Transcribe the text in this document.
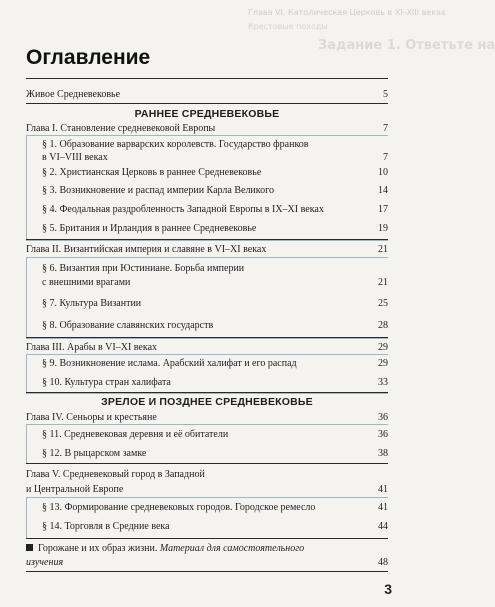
Глава VI. Католическая Церковь в XI–XIII веках
Крестовые походы
Задание 1. Ответьте на
Оглавление
Живое Средневековье	5
РАННЕЕ СРЕДНЕВЕКОВЬЕ
Глава I. Становление средневековой Европы	7
§ 1. Образование варварских королевств. Государство франков
в VI–VIII веках	7
§ 2. Христианская Церковь в раннее Средневековье	10
§ 3. Возникновение и распад империи Карла Великого	14
§ 4. Феодальная раздробленность Западной Европы в IX–XI веках	17
§ 5. Британия и Ирландия в раннее Средневековье	19
Глава II. Византийская империя и славяне в VI–XI веках	21
§ 6. Византия при Юстиниане. Борьба империи
с внешними врагами	21
§ 7. Культура Византии	25
§ 8. Образование славянских государств	28
Глава III. Арабы в VI–XI веках	29
§ 9. Возникновение ислама. Арабский халифат и его распад	29
§ 10. Культура стран халифата	33
ЗРЕЛОЕ И ПОЗДНЕЕ СРЕДНЕВЕКОВЬЕ
Глава IV. Сеньоры и крестьяне	36
§ 11. Средневековая деревня и её обитатели	36
§ 12. В рыцарском замке	38
Глава V. Средневековый город в Западной
и Центральной Европе	41
§ 13. Формирование средневековых городов. Городское ремесло	41
§ 14. Торговля в Средние века	44
Горожане и их образ жизни. Материал для самостоятельного
изучения	48
3
